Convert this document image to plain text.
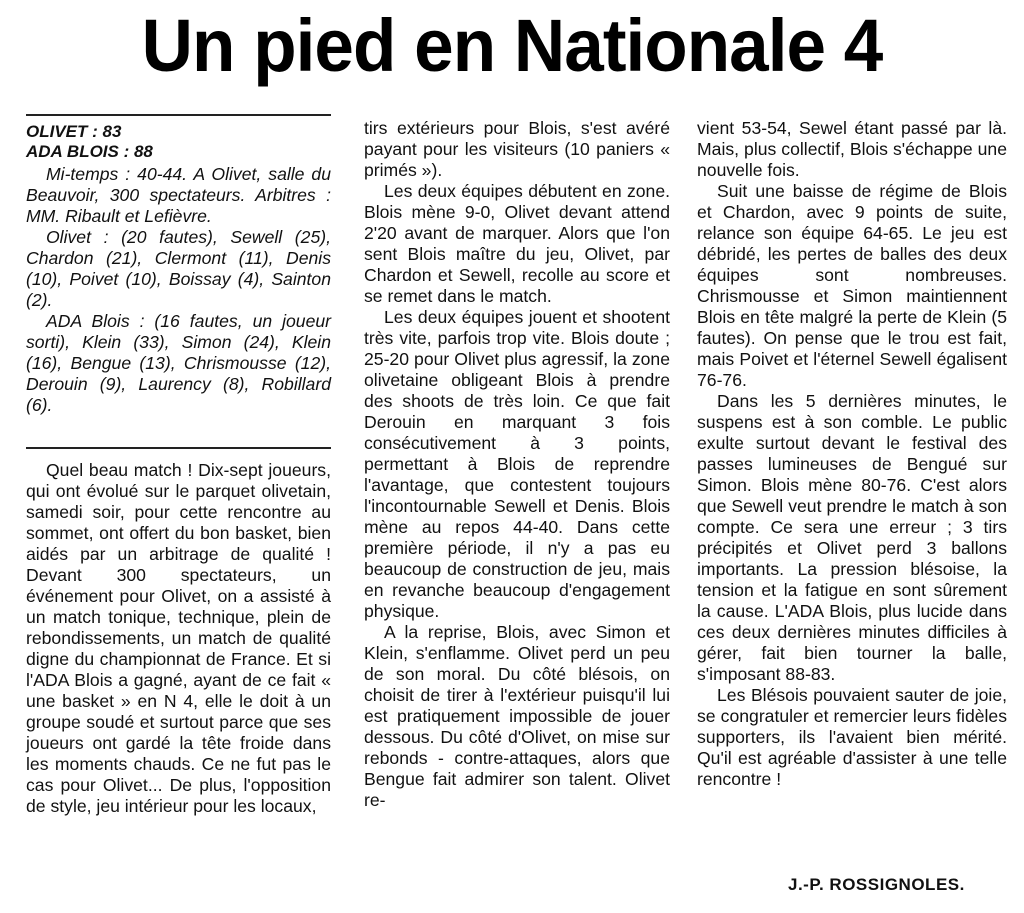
Un pied en Nationale 4
OLIVET : 83
ADA BLOIS : 88

Mi-temps : 40-44. A Olivet, salle du Beauvoir, 300 spectateurs. Arbitres : MM. Ribault et Lefièvre.

Olivet : (20 fautes), Sewell (25), Chardon (21), Clermont (11), Denis (10), Poivet (10), Boissay (4), Sainton (2).

ADA Blois : (16 fautes, un joueur sorti), Klein (33), Simon (24), Klein (16), Bengue (13), Chrismousse (12), Derouin (9), Laurency (8), Robillard (6).

Quel beau match ! Dix-sept joueurs, qui ont évolué sur le parquet olivetain, samedi soir, pour cette rencontre au sommet, ont offert du bon basket, bien aidés par un arbitrage de qualité ! Devant 300 spectateurs, un événement pour Olivet, on a assisté à un match tonique, technique, plein de rebondissements, un match de qualité digne du championnat de France. Et si l'ADA Blois a gagné, ayant de ce fait « une basket » en N 4, elle le doit à un groupe soudé et surtout parce que ses joueurs ont gardé la tête froide dans les moments chauds. Ce ne fut pas le cas pour Olivet... De plus, l'opposition de style, jeu intérieur pour les locaux,

tirs extérieurs pour Blois, s'est avéré payant pour les visiteurs (10 paniers « primés »).

Les deux équipes débutent en zone. Blois mène 9-0, Olivet devant attend 2'20 avant de marquer. Alors que l'on sent Blois maître du jeu, Olivet, par Chardon et Sewell, recolle au score et se remet dans le match.

Les deux équipes jouent et shootent très vite, parfois trop vite. Blois doute ; 25-20 pour Olivet plus agressif, la zone olivetaine obligeant Blois à prendre des shoots de très loin. Ce que fait Derouin en marquant 3 fois consécutivement à 3 points, permettant à Blois de reprendre l'avantage, que contestent toujours l'incontournable Sewell et Denis. Blois mène au repos 44-40. Dans cette première période, il n'y a pas eu beaucoup de construction de jeu, mais en revanche beaucoup d'engagement physique.

A la reprise, Blois, avec Simon et Klein, s'enflamme. Olivet perd un peu de son moral. Du côté blésois, on choisit de tirer à l'extérieur puisqu'il lui est pratiquement impossible de jouer dessous. Du côté d'Olivet, on mise sur rebonds - contre-attaques, alors que Bengue fait admirer son talent. Olivet re-

vient 53-54, Sewel étant passé par là. Mais, plus collectif, Blois s'échappe une nouvelle fois.

Suit une baisse de régime de Blois et Chardon, avec 9 points de suite, relance son équipe 64-65. Le jeu est débridé, les pertes de balles des deux équipes sont nombreuses. Chrismousse et Simon maintiennent Blois en tête malgré la perte de Klein (5 fautes). On pense que le trou est fait, mais Poivet et l'éternel Sewell égalisent 76-76.

Dans les 5 dernières minutes, le suspens est à son comble. Le public exulte surtout devant le festival des passes lumineuses de Bengué sur Simon. Blois mène 80-76. C'est alors que Sewell veut prendre le match à son compte. Ce sera une erreur ; 3 tirs précipités et Olivet perd 3 ballons importants. La pression blésoise, la tension et la fatigue en sont sûrement la cause. L'ADA Blois, plus lucide dans ces deux dernières minutes difficiles à gérer, fait bien tourner la balle, s'imposant 88-83.

Les Blésois pouvaient sauter de joie, se congratuler et remercier leurs fidèles supporters, ils l'avaient bien mérité. Qu'il est agréable d'assister à une telle rencontre !

J.-P. ROSSIGNOLES.
